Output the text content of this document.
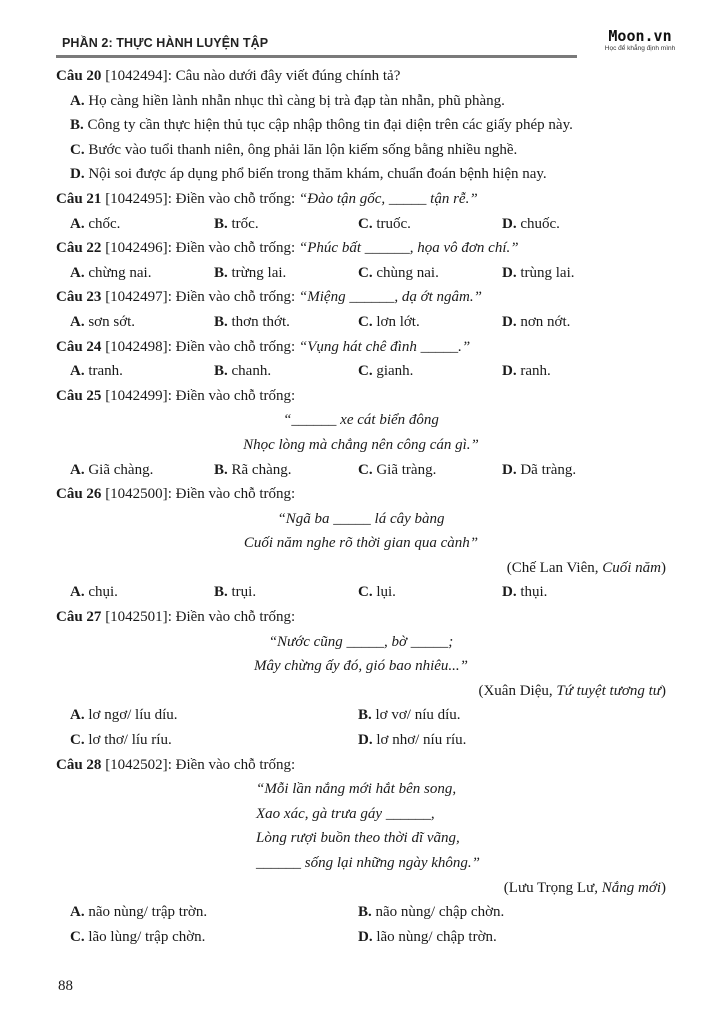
PHẦN 2: THỰC HÀNH LUYỆN TẬP	Moon.vn
Học để khẳng định mình
Câu 20 [1042494]: Câu nào dưới đây viết đúng chính tả?
A. Họ càng hiền lành nhẫn nhục thì càng bị trà đạp tàn nhẫn, phũ phàng.
B. Công ty cần thực hiện thủ tục cập nhập thông tin đại diện trên các giấy phép này.
C. Bước vào tuổi thanh niên, ông phải lăn lộn kiếm sống bằng nhiều nghề.
D. Nội soi được áp dụng phổ biến trong thăm khám, chuẩn đoán bệnh hiện nay.
Câu 21 [1042495]: Điền vào chỗ trống: “Đào tận gốc, _____ tận rễ.”
A. chốc.	B. trốc.	C. truốc.	D. chuốc.
Câu 22 [1042496]: Điền vào chỗ trống: “Phúc bất ______, họa vô đơn chí.”
A. chừng nai.	B. trừng lai.	C. chùng nai.	D. trùng lai.
Câu 23 [1042497]: Điền vào chỗ trống: “Miệng ______, dạ ớt ngâm.”
A. sơn sớt.	B. thơn thớt.	C. lơn lớt.	D. nơn nớt.
Câu 24 [1042498]: Điền vào chỗ trống: “Vụng hát chê đình _____.”
A. tranh.	B. chanh.	C. gianh.	D. ranh.
Câu 25 [1042499]: Điền vào chỗ trống:
“______ xe cát biển đông
Nhọc lòng mà chẳng nên công cán gì.”
A. Giã chàng.	B. Rã chàng.	C. Giã tràng.	D. Dã tràng.
Câu 26 [1042500]: Điền vào chỗ trống:
“Ngã ba _____ lá cây bàng
Cuối năm nghe rõ thời gian qua cành”
(Chế Lan Viên, Cuối năm)
A. chụi.	B. trụi.	C. lụi.	D. thụi.
Câu 27 [1042501]: Điền vào chỗ trống:
“Nước cũng _____, bờ _____;
Mây chừng ấy đó, gió bao nhiêu...”
(Xuân Diệu, Tứ tuyệt tương tư)
A. lơ ngơ/ líu díu.	B. lơ vơ/ níu díu.
C. lơ thơ/ líu ríu.	D. lơ nhơ/ níu ríu.
Câu 28 [1042502]: Điền vào chỗ trống:
“Mỗi lần nắng mới hắt bên song,
Xao xác, gà trưa gáy ______,
Lòng rượi buồn theo thời dĩ vãng,
______ sống lại những ngày không.”
(Lưu Trọng Lư, Nắng mới)
A. não nùng/ trập trờn.	B. não nùng/ chập chờn.
C. lão lùng/ trập chờn.	D. lão nùng/ chập trờn.
88
